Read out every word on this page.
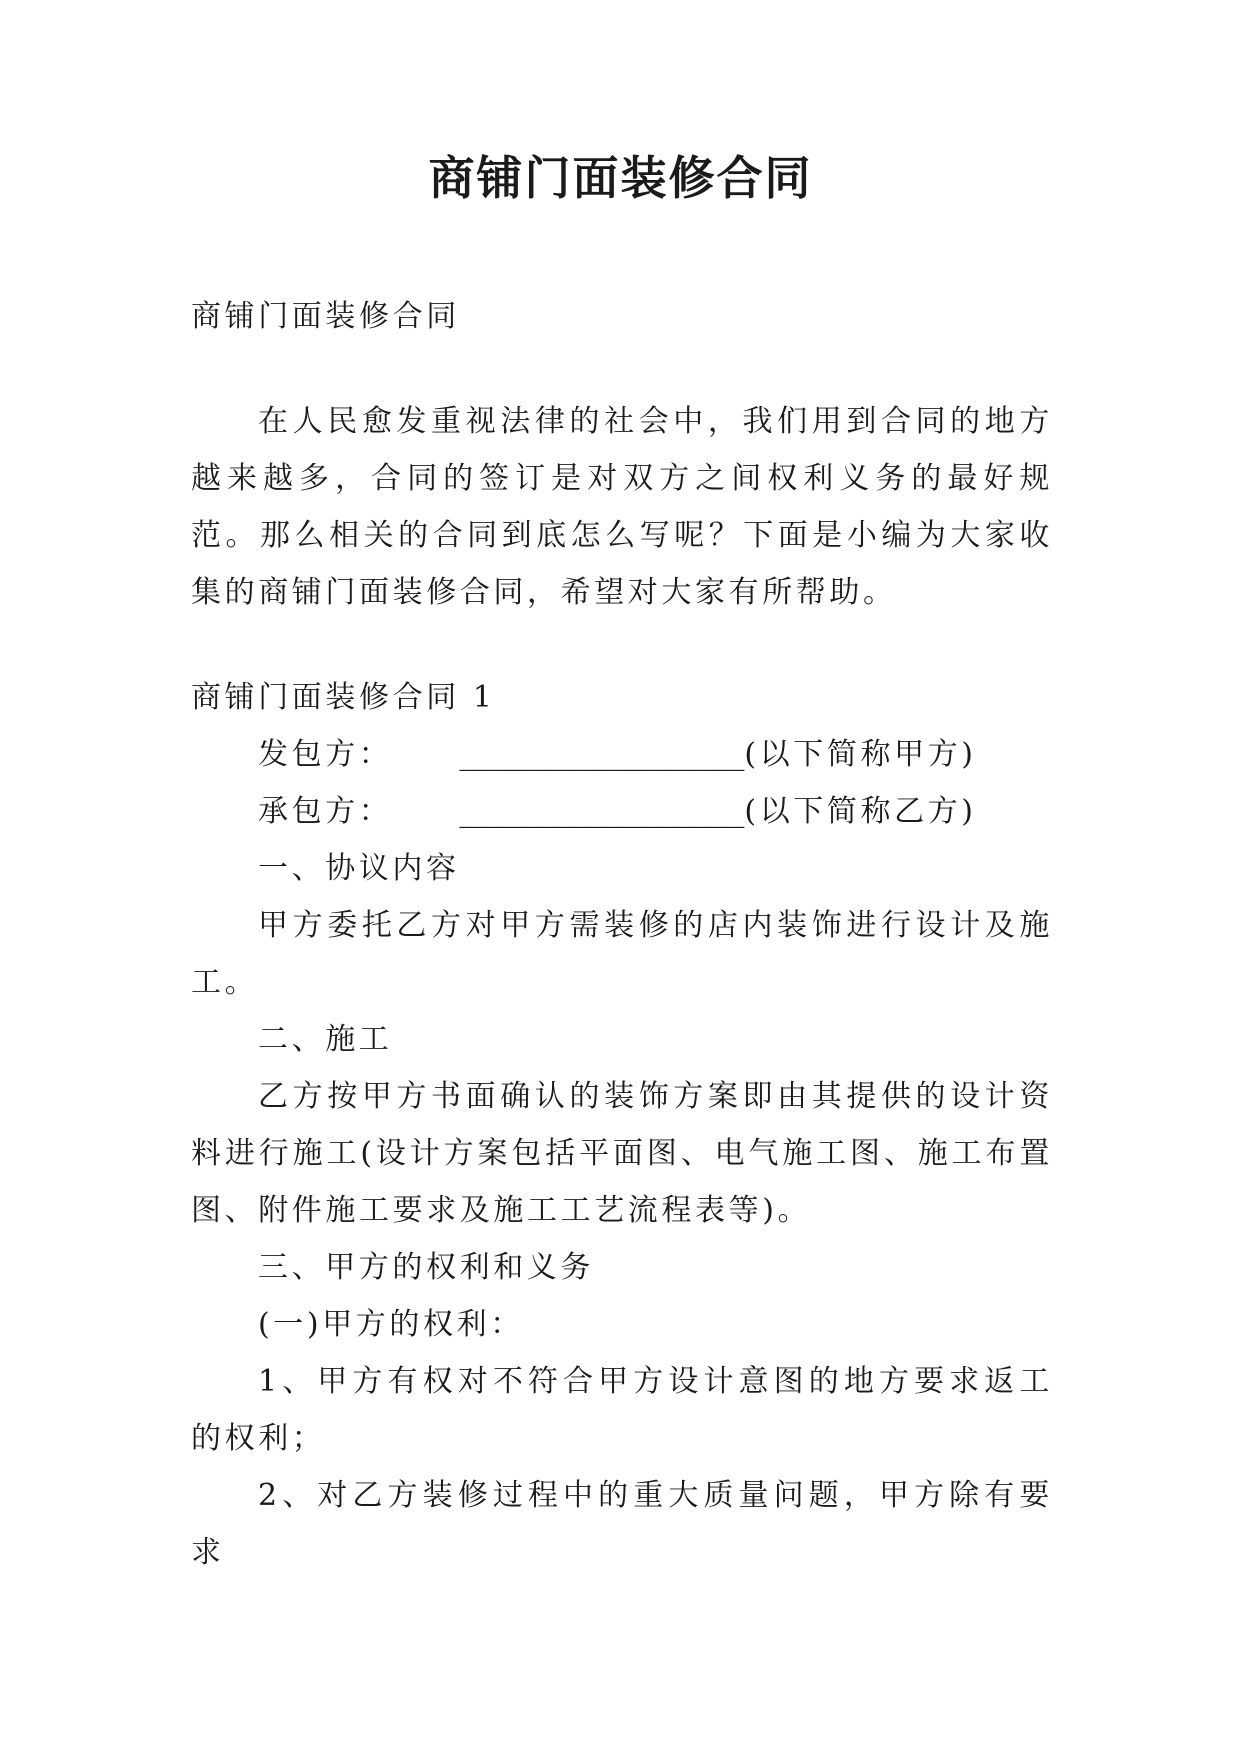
商铺门面装修合同

商铺门面装修合同

在人民愈发重视法律的社会中，我们用到合同的地方越来越多，合同的签订是对双方之间权利义务的最好规范。那么相关的合同到底怎么写呢？下面是小编为大家收集的商铺门面装修合同，希望对大家有所帮助。

商铺门面装修合同 1

发包方： ___________________(以下简称甲方)

承包方： ___________________(以下简称乙方)

一、协议内容

甲方委托乙方对甲方需装修的店内装饰进行设计及施工。

二、施工

乙方按甲方书面确认的装饰方案即由其提供的设计资料进行施工(设计方案包括平面图、电气施工图、施工布置图、附件施工要求及施工工艺流程表等)。

三、甲方的权利和义务

(一)甲方的权利：

1、甲方有权对不符合甲方设计意图的地方要求返工的权利；

2、对乙方装修过程中的重大质量问题，甲方除有要求
